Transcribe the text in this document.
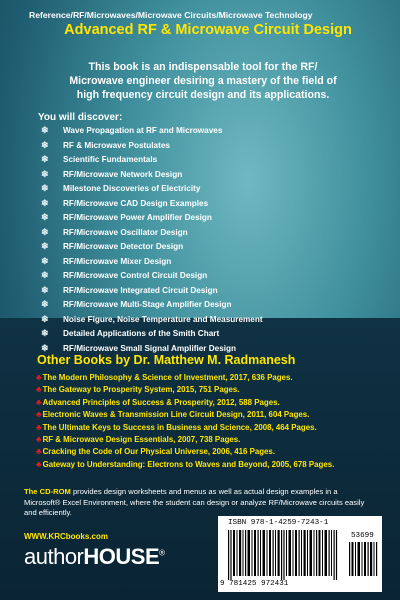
Reference/RF/Microwaves/Microwave Circuits/Microwave Technology
Advanced RF & Microwave Circuit Design
This book is an indispensable tool for the RF/
Microwave engineer desiring a mastery of the field of
high frequency circuit design and its applications.
You will discover:
❄ Wave Propagation at RF and Microwaves
❄ RF & Microwave Postulates
❄ Scientific Fundamentals
❄ RF/Microwave Network Design
❄ Milestone Discoveries of Electricity
❄ RF/Microwave CAD Design Examples
❄ RF/Microwave Power Amplifier Design
❄ RF/Microwave Oscillator Design
❄ RF/Microwave Detector Design
❄ RF/Microwave Mixer Design
❄ RF/Microwave Control Circuit Design
❄ RF/Microwave Integrated Circuit Design
❄ RF/Microwave Multi-Stage Amplifier Design
❄ Noise Figure, Noise Temperature and Measurement
❄ Detailed Applications of the Smith Chart
❄ RF/Microwave Small Signal Amplifier Design
Other Books by Dr. Matthew M. Radmanesh
♣The Modern Philosophy & Science of Investment, 2017, 636 Pages.
♣The Gateway to Prosperity System, 2015, 751 Pages.
♣Advanced Principles of Success & Prosperity, 2012, 588 Pages.
♣Electronic Waves & Transmission Line Circuit Design, 2011, 604 Pages.
♣The Ultimate Keys to Success in Business and Science, 2008, 464 Pages.
♣RF & Microwave Design Essentials, 2007, 738 Pages.
♣Cracking the Code of Our Physical Universe, 2006, 416 Pages.
♣Gateway to Understanding: Electrons to Waves and Beyond, 2005, 678 Pages.
The CD-ROM provides design worksheets and menus as well as actual design examples in a Microsoft® Excel Environment, where the student can design or analyze RF/Microwave circuits easily and efficiently.
WWW.KRCbooks.com
authorHOUSE®
ISBN 978-1-4259-7243-1
53699
9 781425 972431
